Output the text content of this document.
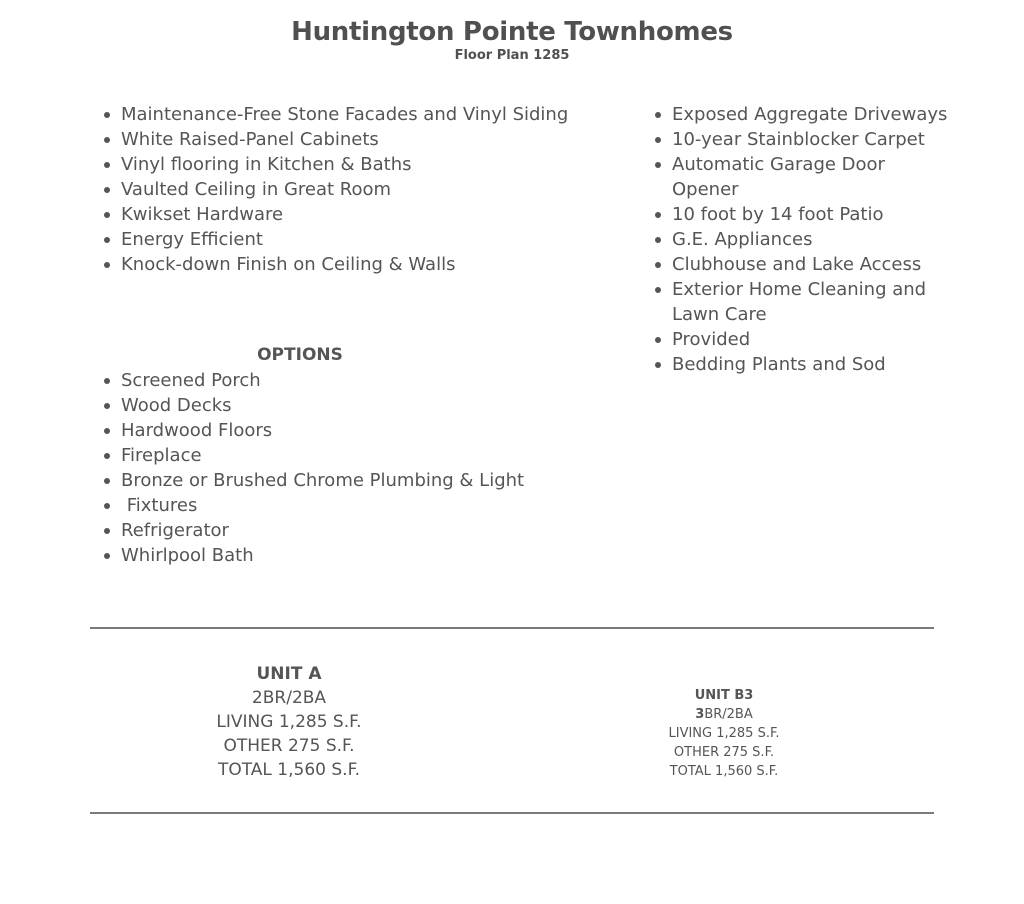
Huntington Pointe Townhomes
Floor Plan 1285
Maintenance-Free Stone Facades and Vinyl Siding
White Raised-Panel Cabinets
Vinyl flooring in Kitchen & Baths
Vaulted Ceiling in Great Room
Kwikset Hardware
Energy Efficient
Knock-down Finish on Ceiling & Walls
Exposed Aggregate Driveways
10-year Stainblocker Carpet
Automatic Garage Door
Opener
10 foot by 14 foot Patio
G.E. Appliances
Clubhouse and Lake Access
Exterior Home Cleaning and
Lawn Care
Provided
Bedding Plants and Sod
OPTIONS
Screened Porch
Wood Decks
Hardwood Floors
Fireplace
Bronze or Brushed Chrome Plumbing & Light
Fixtures
Refrigerator
Whirlpool Bath
UNIT A
2BR/2BA
LIVING 1,285 S.F.
OTHER 275 S.F.
TOTAL 1,560 S.F.
UNIT B3
3BR/2BA
LIVING 1,285 S.F.
OTHER 275 S.F.
TOTAL 1,560 S.F.
